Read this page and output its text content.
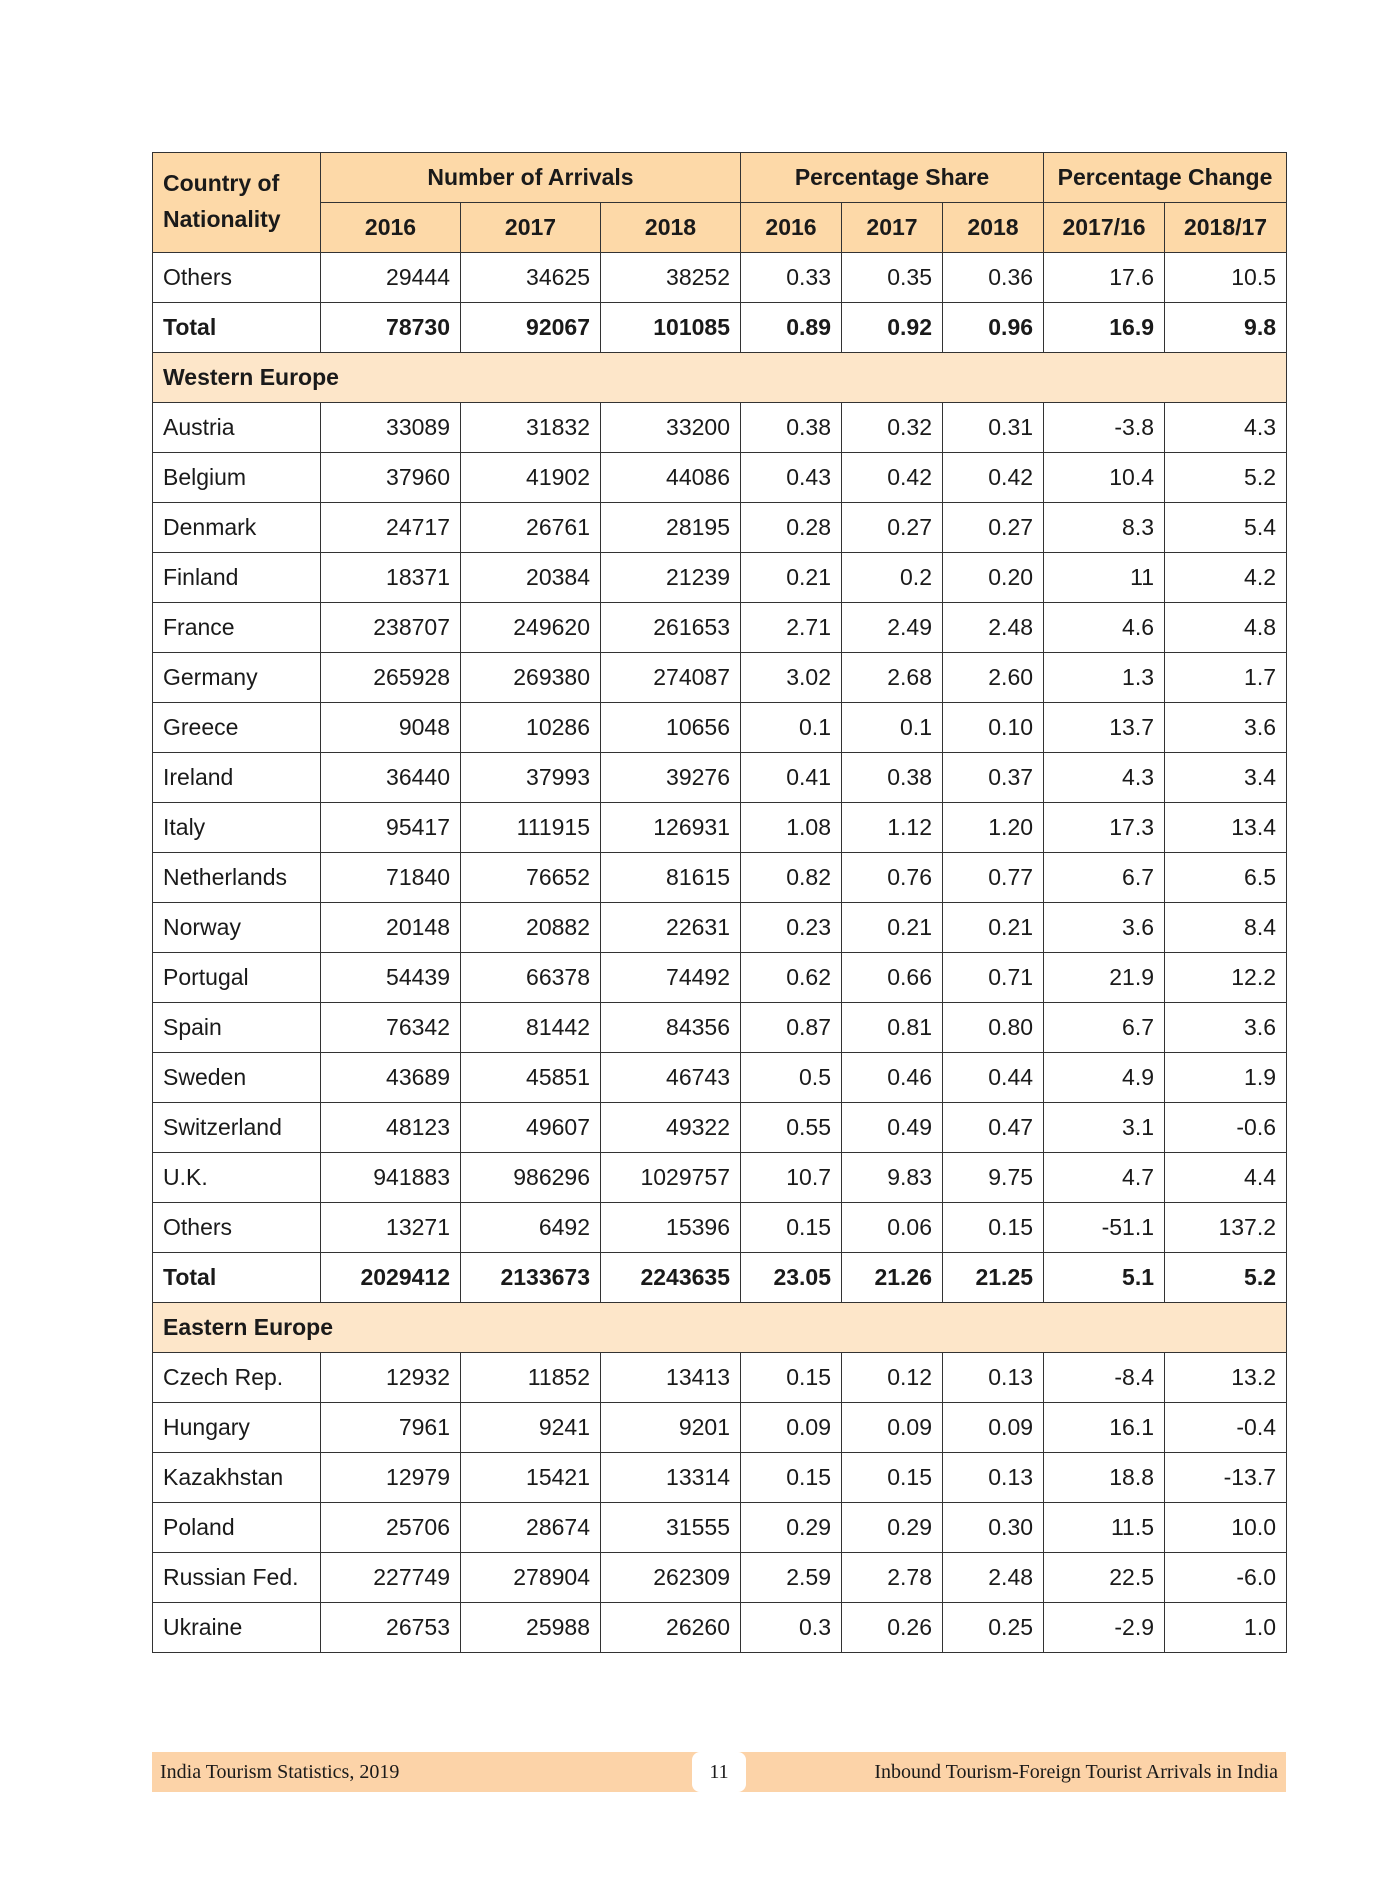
Country of Nationality	Number of Arrivals			Percentage Share			Percentage Change	
	2016	2017	2018	2016	2017	2018	2017/16	2018/17
Others	29444	34625	38252	0.33	0.35	0.36	17.6	10.5
Total	78730	92067	101085	0.89	0.92	0.96	16.9	9.8
Western Europe								
Austria	33089	31832	33200	0.38	0.32	0.31	-3.8	4.3
Belgium	37960	41902	44086	0.43	0.42	0.42	10.4	5.2
Denmark	24717	26761	28195	0.28	0.27	0.27	8.3	5.4
Finland	18371	20384	21239	0.21	0.2	0.20	11	4.2
France	238707	249620	261653	2.71	2.49	2.48	4.6	4.8
Germany	265928	269380	274087	3.02	2.68	2.60	1.3	1.7
Greece	9048	10286	10656	0.1	0.1	0.10	13.7	3.6
Ireland	36440	37993	39276	0.41	0.38	0.37	4.3	3.4
Italy	95417	111915	126931	1.08	1.12	1.20	17.3	13.4
Netherlands	71840	76652	81615	0.82	0.76	0.77	6.7	6.5
Norway	20148	20882	22631	0.23	0.21	0.21	3.6	8.4
Portugal	54439	66378	74492	0.62	0.66	0.71	21.9	12.2
Spain	76342	81442	84356	0.87	0.81	0.80	6.7	3.6
Sweden	43689	45851	46743	0.5	0.46	0.44	4.9	1.9
Switzerland	48123	49607	49322	0.55	0.49	0.47	3.1	-0.6
U.K.	941883	986296	1029757	10.7	9.83	9.75	4.7	4.4
Others	13271	6492	15396	0.15	0.06	0.15	-51.1	137.2
Total	2029412	2133673	2243635	23.05	21.26	21.25	5.1	5.2
Eastern Europe								
Czech Rep.	12932	11852	13413	0.15	0.12	0.13	-8.4	13.2
Hungary	7961	9241	9201	0.09	0.09	0.09	16.1	-0.4
Kazakhstan	12979	15421	13314	0.15	0.15	0.13	18.8	-13.7
Poland	25706	28674	31555	0.29	0.29	0.30	11.5	10.0
Russian Fed.	227749	278904	262309	2.59	2.78	2.48	22.5	-6.0
Ukraine	26753	25988	26260	0.3	0.26	0.25	-2.9	1.0
India Tourism Statistics, 2019	11	Inbound Tourism-Foreign Tourist Arrivals in India
